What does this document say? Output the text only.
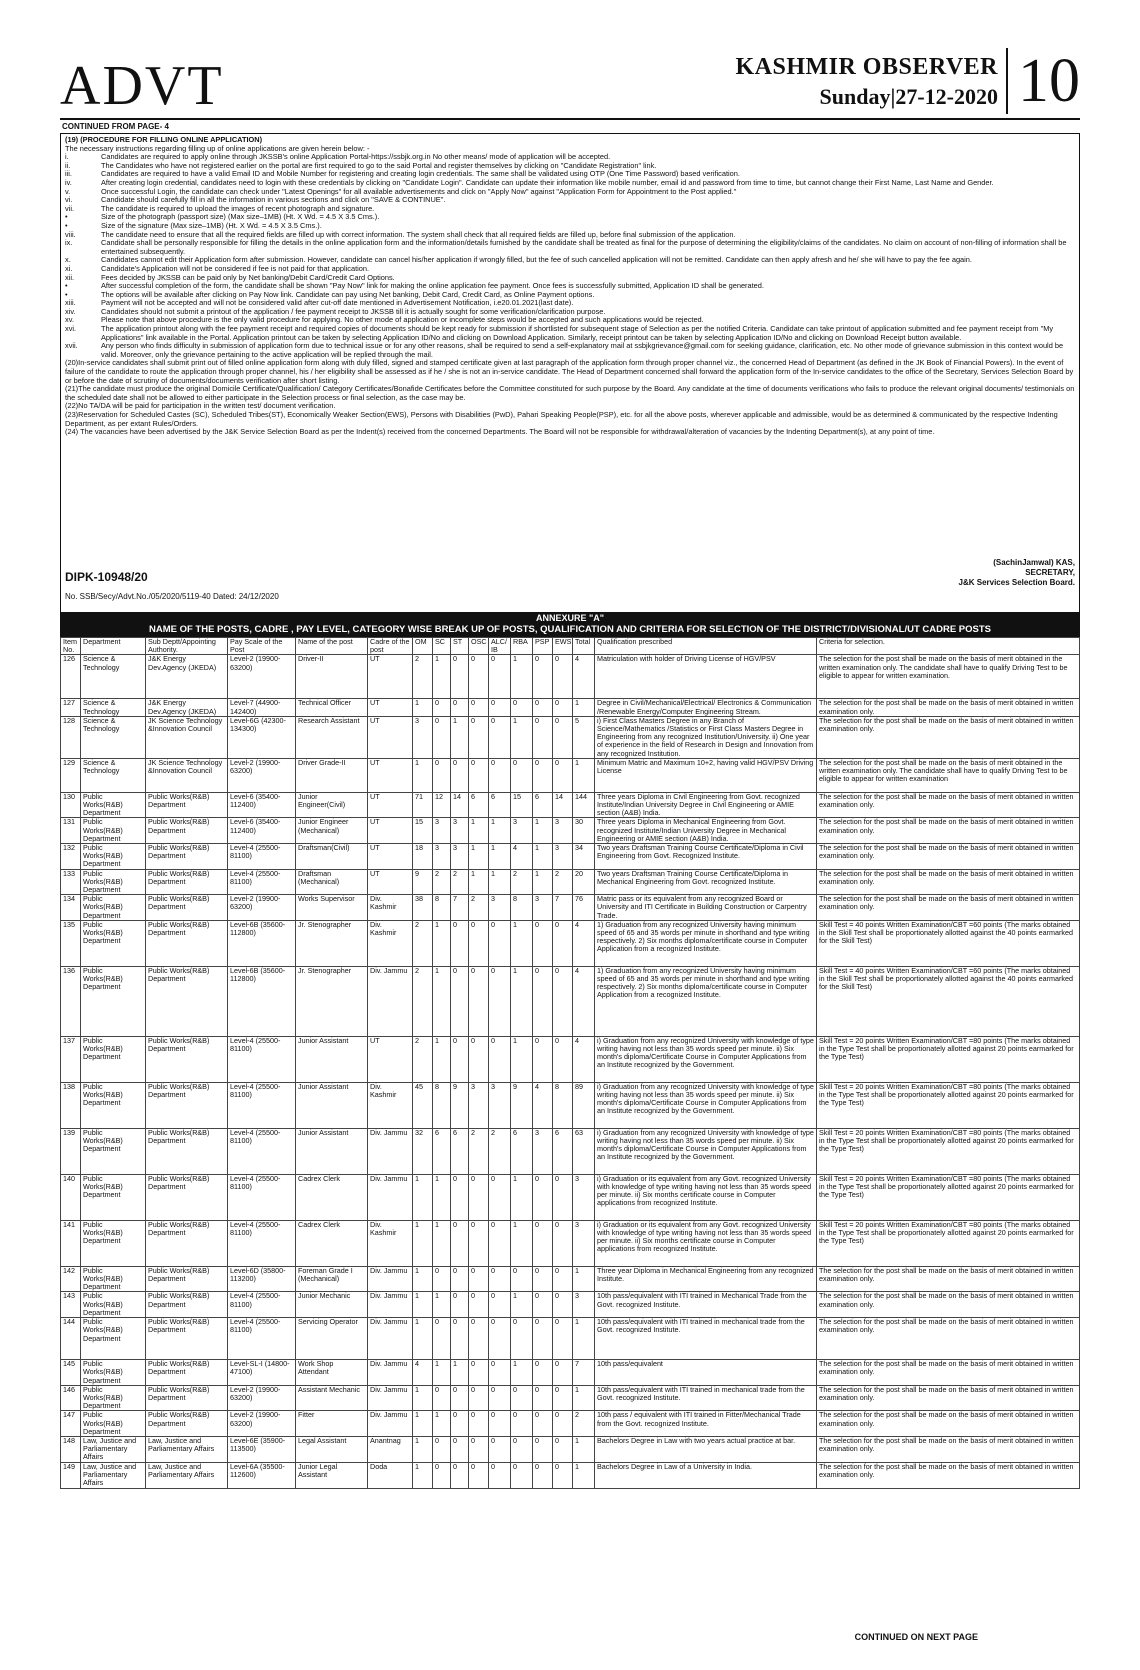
ADVT	KASHMIR OBSERVER
Sunday|27-12-2020 10
CONTINUED FROM PAGE- 4

(19) (PROCEDURE FOR FILLING ONLINE APPLICATION)

The necessary instructions regarding filling up of online applications are given herein below: -

i.	Candidates are required to apply online through JKSSB's online Application Portal-https://ssbjk.org.in No other means/ mode of application will be accepted.
ii.	The Candidates who have not registered earlier on the portal are first required to go to the said Portal and register themselves by clicking on "Candidate Registration" link.
iii.	Candidates are required to have a valid Email ID and Mobile Number for registering and creating login credentials. The same shall be validated using OTP (One Time Password) based verification.
iv.	After creating login credential, candidates need to login with these credentials by clicking on "Candidate Login". Candidate can update their information like mobile number, email id and password from time to time, but cannot change their First Name, Last Name and Gender.
v.	Once successful Login, the candidate can check under "Latest Openings" for all available advertisements and click on "Apply Now" against "Application Form for Appointment to the Post applied."
vi.	Candidate should carefully fill in all the information in various sections and click on "SAVE & CONTINUE".
vii.	The candidate is required to upload the images of recent photograph and signature.
•	Size of the photograph (passport size) (Max size–1MB) (Ht. X Wd. = 4.5 X 3.5 Cms.).
•	Size of the signature (Max size–1MB) (Ht. X Wd. = 4.5 X 3.5 Cms.).
viii.	The candidate need to ensure that all the required fields are filled up with correct information. The system shall check that all required fields are filled up, before final submission of the application.
ix.	Candidate shall be personally responsible for filling the details in the online application form and the information/details furnished by the candidate shall be treated as final for the purpose of determining the eligibility/claims of the candidates. No claim on account of non-filling of information shall be entertained subsequently.
x.	Candidates cannot edit their Application form after submission. However, candidate can cancel his/her application if wrongly filled, but the fee of such cancelled application will not be remitted. Candidate can then apply afresh and he/ she will have to pay the fee again.
xi.	Candidate's Application will not be considered if fee is not paid for that application.
xii.	Fees decided by JKSSB can be paid only by Net banking/Debit Card/Credit Card Options.
•	After successful completion of the form, the candidate shall be shown "Pay Now" link for making the online application fee payment. Once fees is successfully submitted, Application ID shall be generated.
•	The options will be available after clicking on Pay Now link. Candidate can pay using Net banking, Debit Card, Credit Card, as Online Payment options.
xiii.	Payment will not be accepted and will not be considered valid after cut-off date mentioned in Advertisement Notification, i.e20.01.2021(last date).
xiv.	Candidates should not submit a printout of the application / fee payment receipt to JKSSB till it is actually sought for some verification/clarification purpose.
xv.	Please note that above procedure is the only valid procedure for applying. No other mode of application or incomplete steps would be accepted and such applications would be rejected.
xvi.	The application printout along with the fee payment receipt and required copies of documents should be kept ready for submission if shortlisted for subsequent stage of Selection as per the notified Criteria. Candidate can take printout of application submitted and fee payment receipt from "My Applications" link available in the Portal. Application printout can be taken by selecting Application ID/No and clicking on Download Application. Similarly, receipt printout can be taken by selecting Application ID/No and clicking on Download Receipt button available.
xvii.	Any person who finds difficulty in submission of application form due to technical issue or for any other reasons, shall be required to send a self-explanatory mail at ssbjkgrievance@gmail.com for seeking guidance, clarification, etc. No other mode of grievance submission in this context would be valid. Moreover, only the grievance pertaining to the active application will be replied through the mail.

(20)In-service candidates shall submit print out of filled online application form along with duly filled, signed and stamped certificate given at last paragraph of the application form through proper channel viz., the concerned Head of Department (as defined in the JK Book of Financial Powers). In the event of failure of the candidate to route the application through proper channel, his / her eligibility shall be assessed as if he / she is not an in-service candidate. The Head of Department concerned shall forward the application form of the In-service candidates to the office of the Secretary, Services Selection Board by or before the date of scrutiny of documents/documents verification after short listing.

(21)The candidate must produce the original Domicile Certificate/Qualification/ Category Certificates/Bonafide Certificates before the Committee constituted for such purpose by the Board. Any candidate at the time of documents verifications who fails to produce the relevant original documents/ testimonials on the scheduled date shall not be allowed to either participate in the Selection process or final selection, as the case may be.

(22)No TA/DA will be paid for participation in the written test/ document verification.

(23)Reservation for Scheduled Castes (SC), Scheduled Tribes(ST), Economically Weaker Section(EWS), Persons with Disabilities (PwD), Pahari Speaking People(PSP), etc. for all the above posts, wherever applicable and admissible, would be as determined & communicated by the respective Indenting Department, as per extant Rules/Orders.

(24) The vacancies have been advertised by the J&K Service Selection Board as per the Indent(s) received from the concerned Departments. The Board will not be responsible for withdrawal/alteration of vacancies by the Indenting Department(s), at any point of time.

DIPK-10948/20
(SachinJamwal) KAS,
SECRETARY,
J&K Services Selection Board.
No. SSB/Secy/Advt.No./05/2020/5119-40 Dated: 24/12/2020
ANNEXURE "A"
NAME OF THE POSTS, CADRE , PAY LEVEL, CATEGORY WISE BREAK UP OF POSTS, QUALIFICATION AND CRITERIA FOR SELECTION OF THE DISTRICT/DIVISIONAL/UT CADRE POSTS
Item No.	Department	Sub Deptt/Appointing Authority.	Pay Scale of the Post	Name of the post	Cadre of the post	OM	SC	ST	OSC	ALC/ IB	RBA	PSP	EWS	Total	Qualification prescribed	Criteria for selection.
126	Science & Technology	J&K Energy Dev.Agency (JKEDA)	Level-2 (19900-63200)	Driver-II	UT	2	1	0	0	0	1	0	0	4	Matriculation with holder of Driving License of HGV/PSV	The selection for the post shall be made on the basis of merit obtained in the written examination only. The candidate shall have to qualify Driving Test to be eligible to appear for written examination.
127	Science & Technology	J&K Energy Dev.Agency (JKEDA)	Level-7 (44900-142400)	Technical Officer	UT	1	0	0	0	0	0	0	0	1	Degree in Civil/Mechanical/Electrical/ Electronics & Communication /Renewable Energy/Computer Engineering Stream.	The selection for the post shall be made on the basis of merit obtained in written examination only.
128	Science & Technology	JK Science Technology &Innovation Council	Level-6G (42300-134300)	Research Assistant	UT	3	0	1	0	0	1	0	0	5	i) First Class Masters Degree in any Branch of Science/Mathematics /Statistics or First Class Masters Degree in Engineering from any recognized Institution/University. ii) One year of experience in the field of Research in Design and Innovation from any recognized Institution.	The selection for the post shall be made on the basis of merit obtained in written examination only.
129	Science & Technology	JK Science Technology &Innovation Council	Level-2 (19900-63200)	Driver Grade-II	UT	1	0	0	0	0	0	0	0	1	Minimum Matric and Maximum 10+2, having valid HGV/PSV Driving License	The selection for the post shall be made on the basis of merit obtained in the written examination only. The candidate shall have to qualify Driving Test to be eligible to appear for written examination
130	Public Works(R&B) Department	Public Works(R&B) Department	Level-6 (35400-112400)	Junior Engineer(Civil)	UT	71	12	14	6	6	15	6	14	144	Three years Diploma in Civil Engineering from Govt. recognized Institute/Indian University Degree in Civil Engineering or AMIE section (A&B) India.	The selection for the post shall be made on the basis of merit obtained in written examination only.
131	Public Works(R&B) Department	Public Works(R&B) Department	Level-6 (35400-112400)	Junior Engineer (Mechanical)	UT	15	3	3	1	1	3	1	3	30	Three years Diploma in Mechanical Engineering from Govt. recognized Institute/Indian University Degree in Mechanical Engineering or AMIE section (A&B) India.	The selection for the post shall be made on the basis of merit obtained in written examination only.
132	Public Works(R&B) Department	Public Works(R&B) Department	Level-4 (25500-81100)	Draftsman(Civil)	UT	18	3	3	1	1	4	1	3	34	Two years Draftsman Training Course Certificate/Diploma in Civil Engineering from Govt. Recognized Institute.	The selection for the post shall be made on the basis of merit obtained in written examination only.
133	Public Works(R&B) Department	Public Works(R&B) Department	Level-4 (25500-81100)	Draftsman (Mechanical)	UT	9	2	2	1	1	2	1	2	20	Two years Draftsman Training Course Certificate/Diploma in Mechanical Engineering from Govt. recognized Institute.	The selection for the post shall be made on the basis of merit obtained in written examination only.
134	Public Works(R&B) Department	Public Works(R&B) Department	Level-2 (19900-63200)	Works Supervisor	Div. Kashmir	38	8	7	2	3	8	3	7	76	Matric pass or its equivalent from any recognized Board or University and ITI Certificate in Building Construction or Carpentry Trade.	The selection for the post shall be made on the basis of merit obtained in written examination only.
135	Public Works(R&B) Department	Public Works(R&B) Department	Level-6B (35600-112800)	Jr. Stenographer	Div. Kashmir	2	1	0	0	0	1	0	0	4	1) Graduation from any recognized University having minimum speed of 65 and 35 words per minute in shorthand and type writing respectively. 2) Six months diploma/certificate course in Computer Application from a recognized Institute.	Skill Test = 40 points Written Examination/CBT =60 points (The marks obtained in the Skill Test shall be proportionately allotted against the 40 points earmarked for the Skill Test)
136	Public Works(R&B) Department	Public Works(R&B) Department	Level-6B (35600-112800)	Jr. Stenographer	Div. Jammu	2	1	0	0	0	1	0	0	4	1) Graduation from any recognized University having minimum speed of 65 and 35 words per minute in shorthand and type writing respectively. 2) Six months diploma/certificate course in Computer Application from a recognized Institute.	Skill Test = 40 points Written Examination/CBT =60 points (The marks obtained in the Skill Test shall be proportionately allotted against the 40 points earmarked for the Skill Test)
137	Public Works(R&B) Department	Public Works(R&B) Department	Level-4 (25500-81100)	Junior Assistant	UT	2	1	0	0	0	1	0	0	4	i) Graduation from any recognized University with knowledge of type writing having not less than 35 words speed per minute. ii) Six month's diploma/Certificate Course in Computer Applications from an Institute recognized by the Government.	Skill Test = 20 points Written Examination/CBT =80 points (The marks obtained in the Type Test shall be proportionately allotted against 20 points earmarked for the Type Test)
138	Public Works(R&B) Department	Public Works(R&B) Department	Level-4 (25500-81100)	Junior Assistant	Div. Kashmir	45	8	9	3	3	9	4	8	89	i) Graduation from any recognized University with knowledge of type writing having not less than 35 words speed per minute. ii) Six month's diploma/Certificate Course in Computer Applications from an Institute recognized by the Government.	Skill Test = 20 points Written Examination/CBT =80 points (The marks obtained in the Type Test shall be proportionately allotted against 20 points earmarked for the Type Test)
139	Public Works(R&B) Department	Public Works(R&B) Department	Level-4 (25500-81100)	Junior Assistant	Div. Jammu	32	6	6	2	2	6	3	6	63	i) Graduation from any recognized University with knowledge of type writing having not less than 35 words speed per minute. ii) Six month's diploma/Certificate Course in Computer Applications from an Institute recognized by the Government.	Skill Test = 20 points Written Examination/CBT =80 points (The marks obtained in the Type Test shall be proportionately allotted against 20 points earmarked for the Type Test)
140	Public Works(R&B) Department	Public Works(R&B) Department	Level-4 (25500-81100)	Cadrex Clerk	Div. Jammu	1	1	0	0	0	1	0	0	3	i) Graduation or its equivalent from any Govt. recognized University with knowledge of type writing having not less than 35 words speed per minute. ii) Six months certificate course in Computer applications from recognized Institute.	Skill Test = 20 points Written Examination/CBT =80 points (The marks obtained in the Type Test shall be proportionately allotted against 20 points earmarked for the Type Test)
141	Public Works(R&B) Department	Public Works(R&B) Department	Level-4 (25500-81100)	Cadrex Clerk	Div. Kashmir	1	1	0	0	0	1	0	0	3	i) Graduation or its equivalent from any Govt. recognized University with knowledge of type writing having not less than 35 words speed per minute. ii) Six months certificate course in Computer applications from recognized Institute.	Skill Test = 20 points Written Examination/CBT =80 points (The marks obtained in the Type Test shall be proportionately allotted against 20 points earmarked for the Type Test)
142	Public Works(R&B) Department	Public Works(R&B) Department	Level-6D (35800-113200)	Foreman Grade I (Mechanical)	Div. Jammu	1	0	0	0	0	0	0	0	1	Three year Diploma in Mechanical Engineering from any recognized Institute.	The selection for the post shall be made on the basis of merit obtained in written examination only.
143	Public Works(R&B) Department	Public Works(R&B) Department	Level-4 (25500-81100)	Junior Mechanic	Div. Jammu	1	1	0	0	0	1	0	0	3	10th pass/equivalent with ITI trained in Mechanical Trade from the Govt. recognized Institute.	The selection for the post shall be made on the basis of merit obtained in written examination only.
144	Public Works(R&B) Department	Public Works(R&B) Department	Level-4 (25500-81100)	Servicing Operator	Div. Jammu	1	0	0	0	0	0	0	0	1	10th pass/equivalent with ITI trained in mechanical trade from the Govt. recognized Institute.	The selection for the post shall be made on the basis of merit obtained in written examination only.
145	Public Works(R&B) Department	Public Works(R&B) Department	Level-SL-I (14800-47100)	Work Shop Attendant	Div. Jammu	4	1	1	0	0	1	0	0	7	10th pass/equivalent	The selection for the post shall be made on the basis of merit obtained in written examination only.
146	Public Works(R&B) Department	Public Works(R&B) Department	Level-2 (19900-63200)	Assistant Mechanic	Div. Jammu	1	0	0	0	0	0	0	0	1	10th pass/equivalent with ITI trained in mechanical trade from the Govt. recognized Institute.	The selection for the post shall be made on the basis of merit obtained in written examination only.
147	Public Works(R&B) Department	Public Works(R&B) Department	Level-2 (19900-63200)	Fitter	Div. Jammu	1	1	0	0	0	0	0	0	2	10th pass / equivalent with ITI trained in Fitter/Mechanical Trade from the Govt. recognized Institute.	The selection for the post shall be made on the basis of merit obtained in written examination only.
148	Law, Justice and Parliamentary Affairs	Law, Justice and Parliamentary Affairs	Level-6E (35900-113500)	Legal Assistant	Anantnag	1	0	0	0	0	0	0	0	1	Bachelors Degree in Law with two years actual practice at bar.	The selection for the post shall be made on the basis of merit obtained in written examination only.
149	Law, Justice and Parliamentary Affairs	Law, Justice and Parliamentary Affairs	Level-6A (35500-112600)	Junior Legal Assistant	Doda	1	0	0	0	0	0	0	0	1	Bachelors Degree in Law of a University in India.	The selection for the post shall be made on the basis of merit obtained in written examination only.
CONTINUED ON NEXT PAGE
